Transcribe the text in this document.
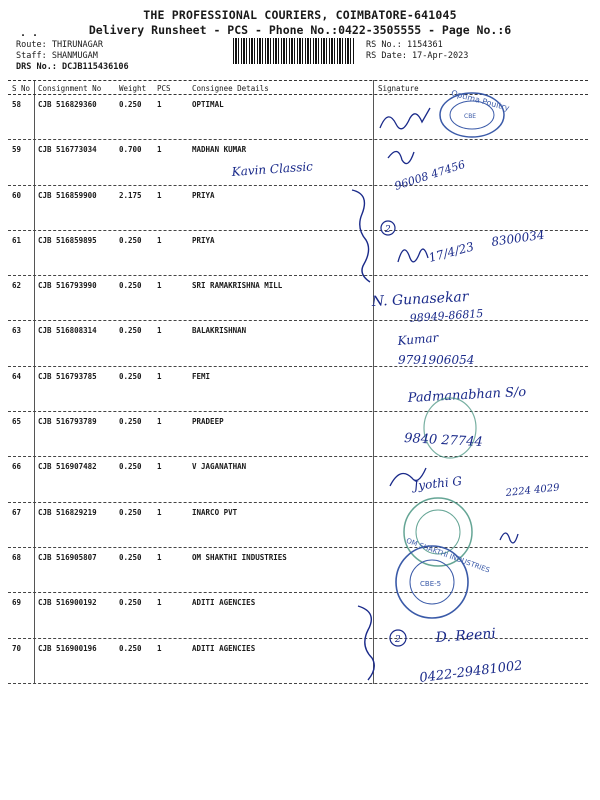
. .
THE PROFESSIONAL COURIERS, COIMBATORE-641045
Delivery Runsheet - PCS - Phone No.:0422-3505555 - Page No.:6
Route: THIRUNAGAR
Staff: SHANMUGAM
DRS No.: DCJB115436106
RS No.: 1154361
RS Date: 17-Apr-2023
S No Consignment No Weight PCS	Consignee Details	Signature
58 CJB 516829360	0.250 1	OPTIMAL
59 CJB 516773034	0.700 1	MADHAN KUMAR
60 CJB 516859900	2.175 1	PRIYA
61 CJB 516859895	0.250 1	PRIYA
62 CJB 516793990	0.250 1	SRI RAMAKRISHNA MILL
63 CJB 516808314	0.250 1	BALAKRISHNAN
64 CJB 516793785	0.250 1	FEMI
65 CJB 516793789	0.250 1	PRADEEP
66 CJB 516907482	0.250 1	V JAGANATHAN
67 CJB 516829219	0.250 1	INARCO PVT
68 CJB 516905807	0.250 1	OM SHAKTHI INDUSTRIES
69 CJB 516900192	0.250 1	ADITI AGENCIES
70 CJB 516900196	0.250 1	ADITI AGENCIES
Optima Poultry
CBE
Kavin Classic	96008 47456
2
17/4/23
8300034
N. Gunasekar
98949-86815
Kumar
9791906054
Padmanabhan S/o
9840 27744
Jyothi G	2224 4029
OM SHAKTHI INDUSTRIES
CBE-5
2 D. Reeni
0422-29481002
